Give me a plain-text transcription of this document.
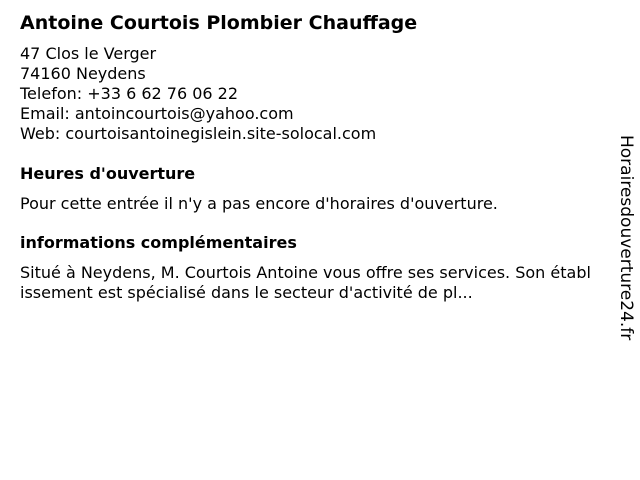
Antoine Courtois Plombier Chauffage
47 Clos le Verger
74160 Neydens
Telefon: +33 6 62 76 06 22
Email: antoincourtois@yahoo.com
Web: courtoisantoinegislein.site-solocal.com
Heures d'ouverture
Pour cette entrée il n'y a pas encore d'horaires d'ouverture.
informations complémentaires
Situé à Neydens, M. Courtois Antoine vous offre ses services. Son établissement est spécialisé dans le secteur d'activité de pl...	Horairesdouverture24.fr
